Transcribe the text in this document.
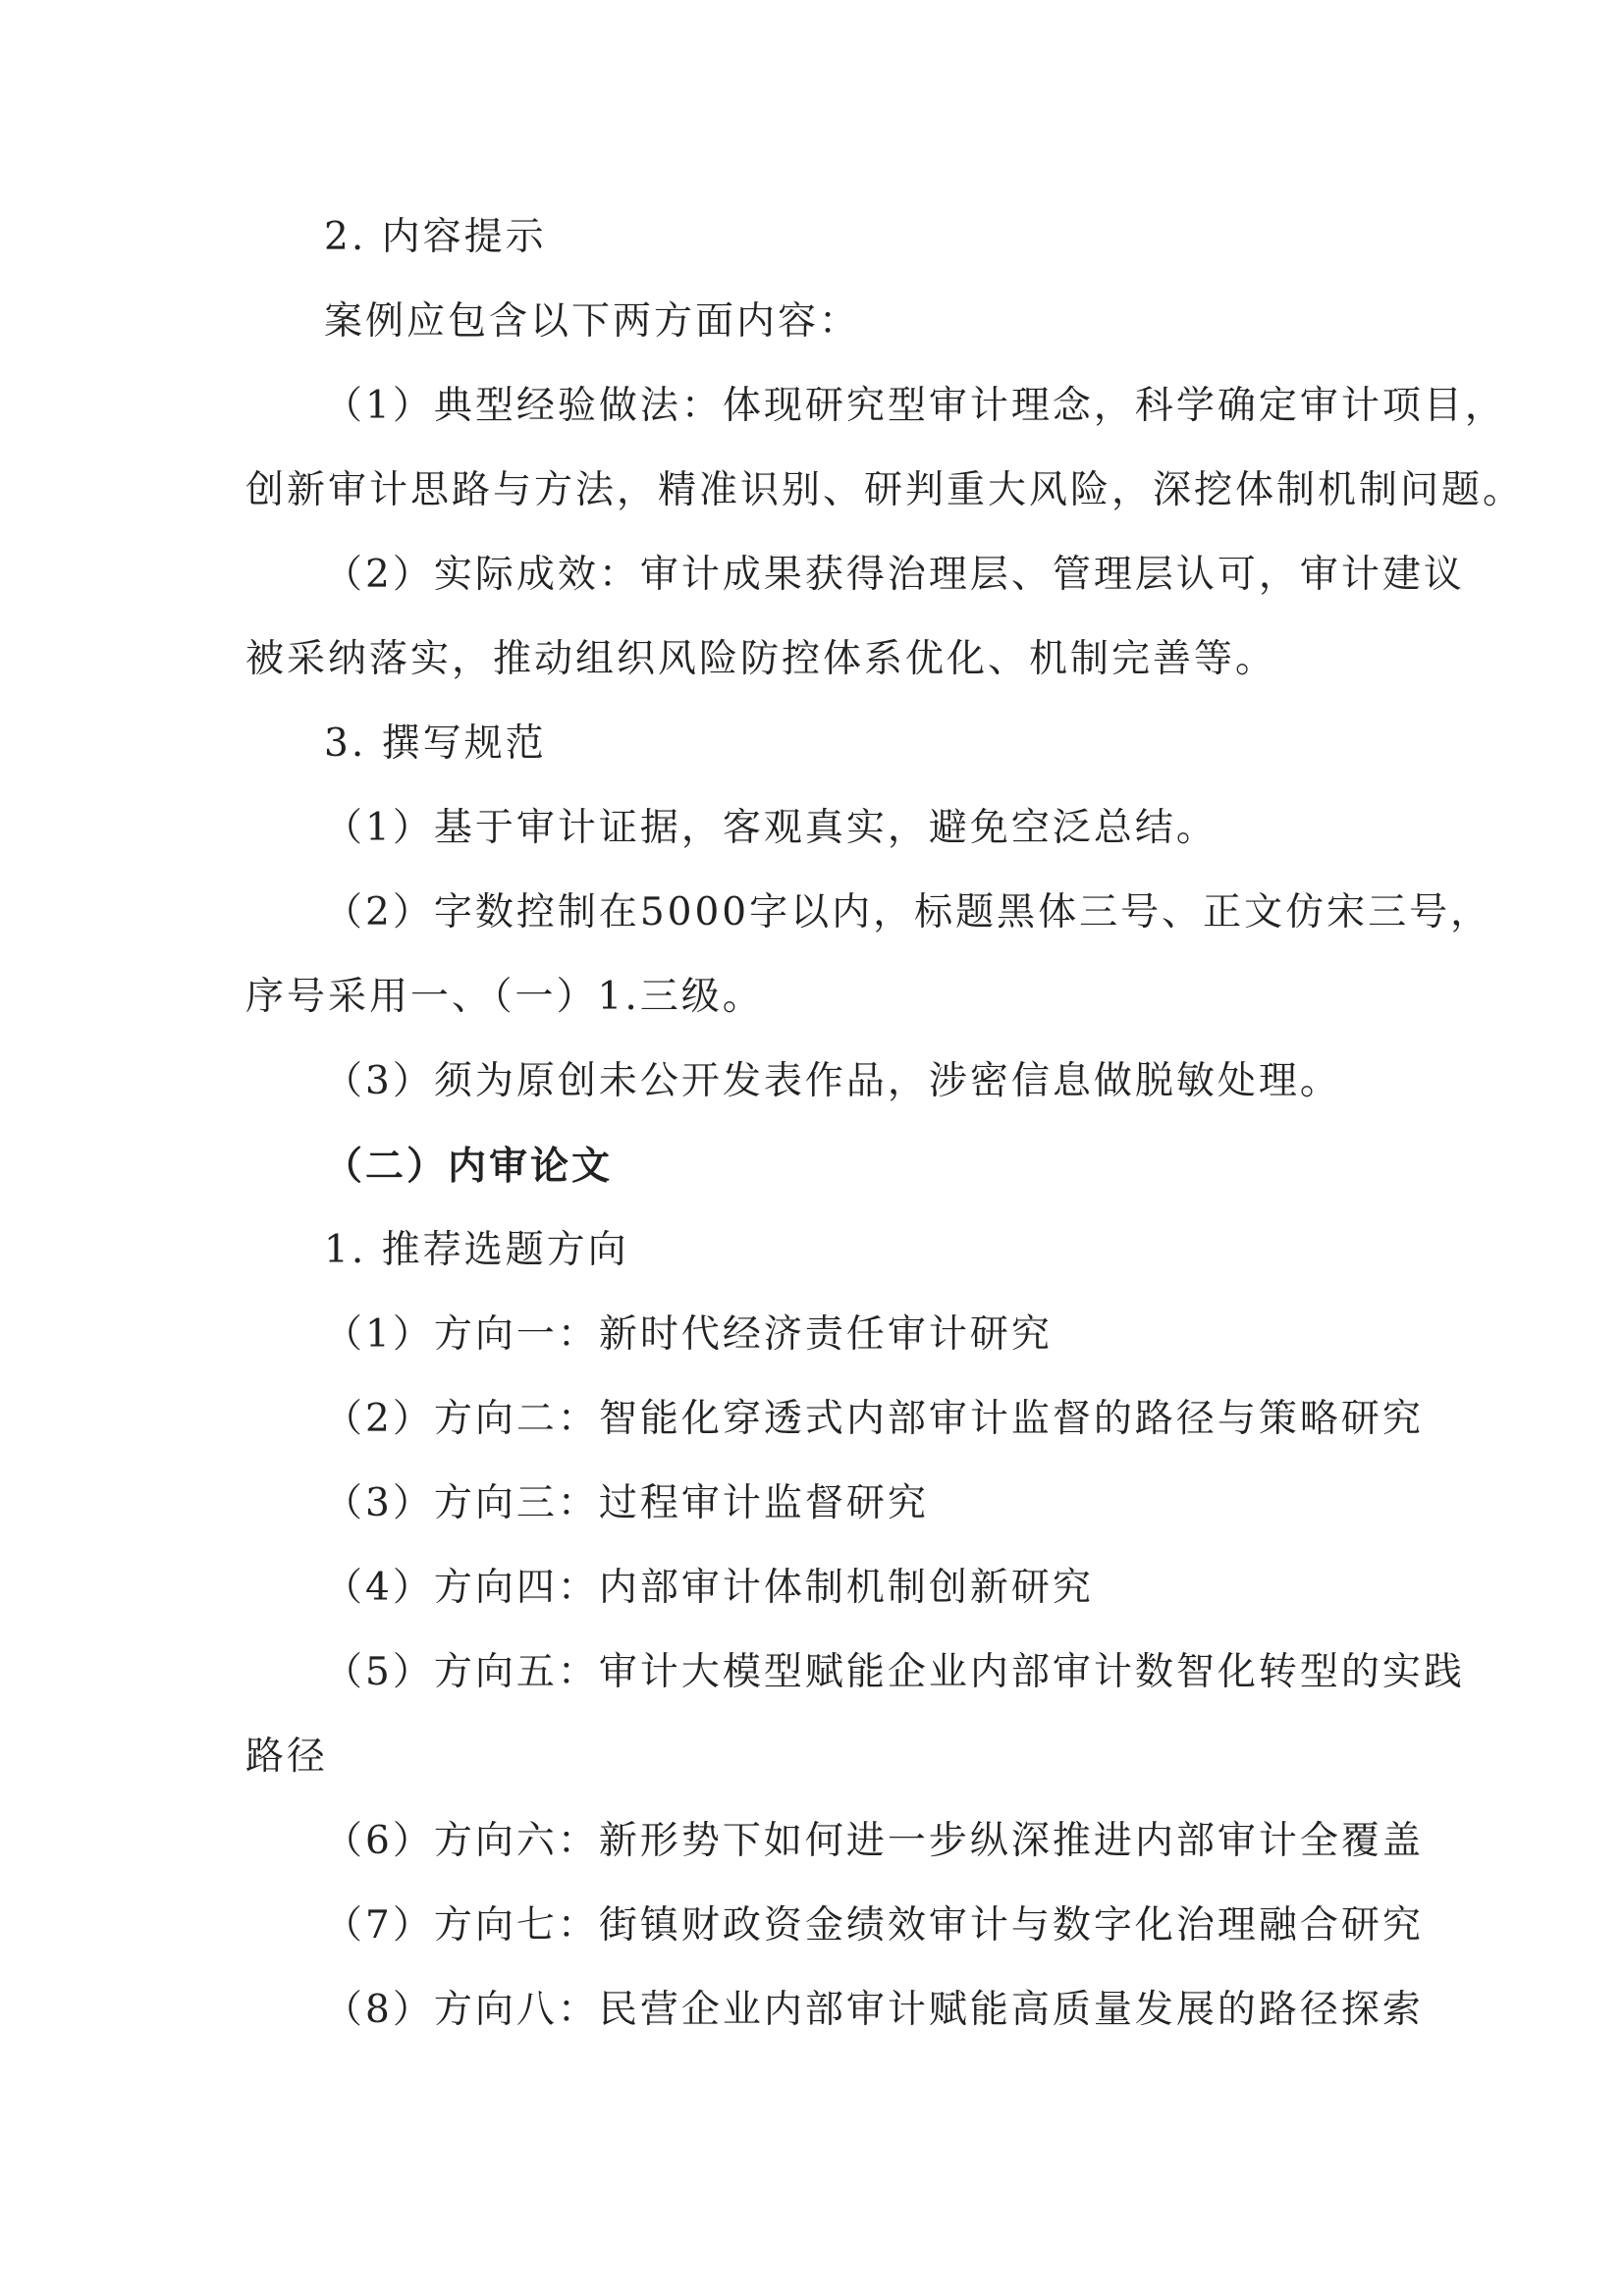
2. 内容提示
案例应包含以下两方面内容：
（1）典型经验做法：体现研究型审计理念，科学确定审计项目，
创新审计思路与方法，精准识别、研判重大风险，深挖体制机制问题。
（2）实际成效：审计成果获得治理层、管理层认可，审计建议
被采纳落实，推动组织风险防控体系优化、机制完善等。
3. 撰写规范
（1）基于审计证据，客观真实，避免空泛总结。
（2）字数控制在5000字以内，标题黑体三号、正文仿宋三号，
序号采用一、（一）1.三级。
（3）须为原创未公开发表作品，涉密信息做脱敏处理。
（二）内审论文
1. 推荐选题方向
（1）方向一：新时代经济责任审计研究
（2）方向二：智能化穿透式内部审计监督的路径与策略研究
（3）方向三：过程审计监督研究
（4）方向四：内部审计体制机制创新研究
（5）方向五：审计大模型赋能企业内部审计数智化转型的实践
路径
（6）方向六：新形势下如何进一步纵深推进内部审计全覆盖
（7）方向七：街镇财政资金绩效审计与数字化治理融合研究
（8）方向八：民营企业内部审计赋能高质量发展的路径探索
